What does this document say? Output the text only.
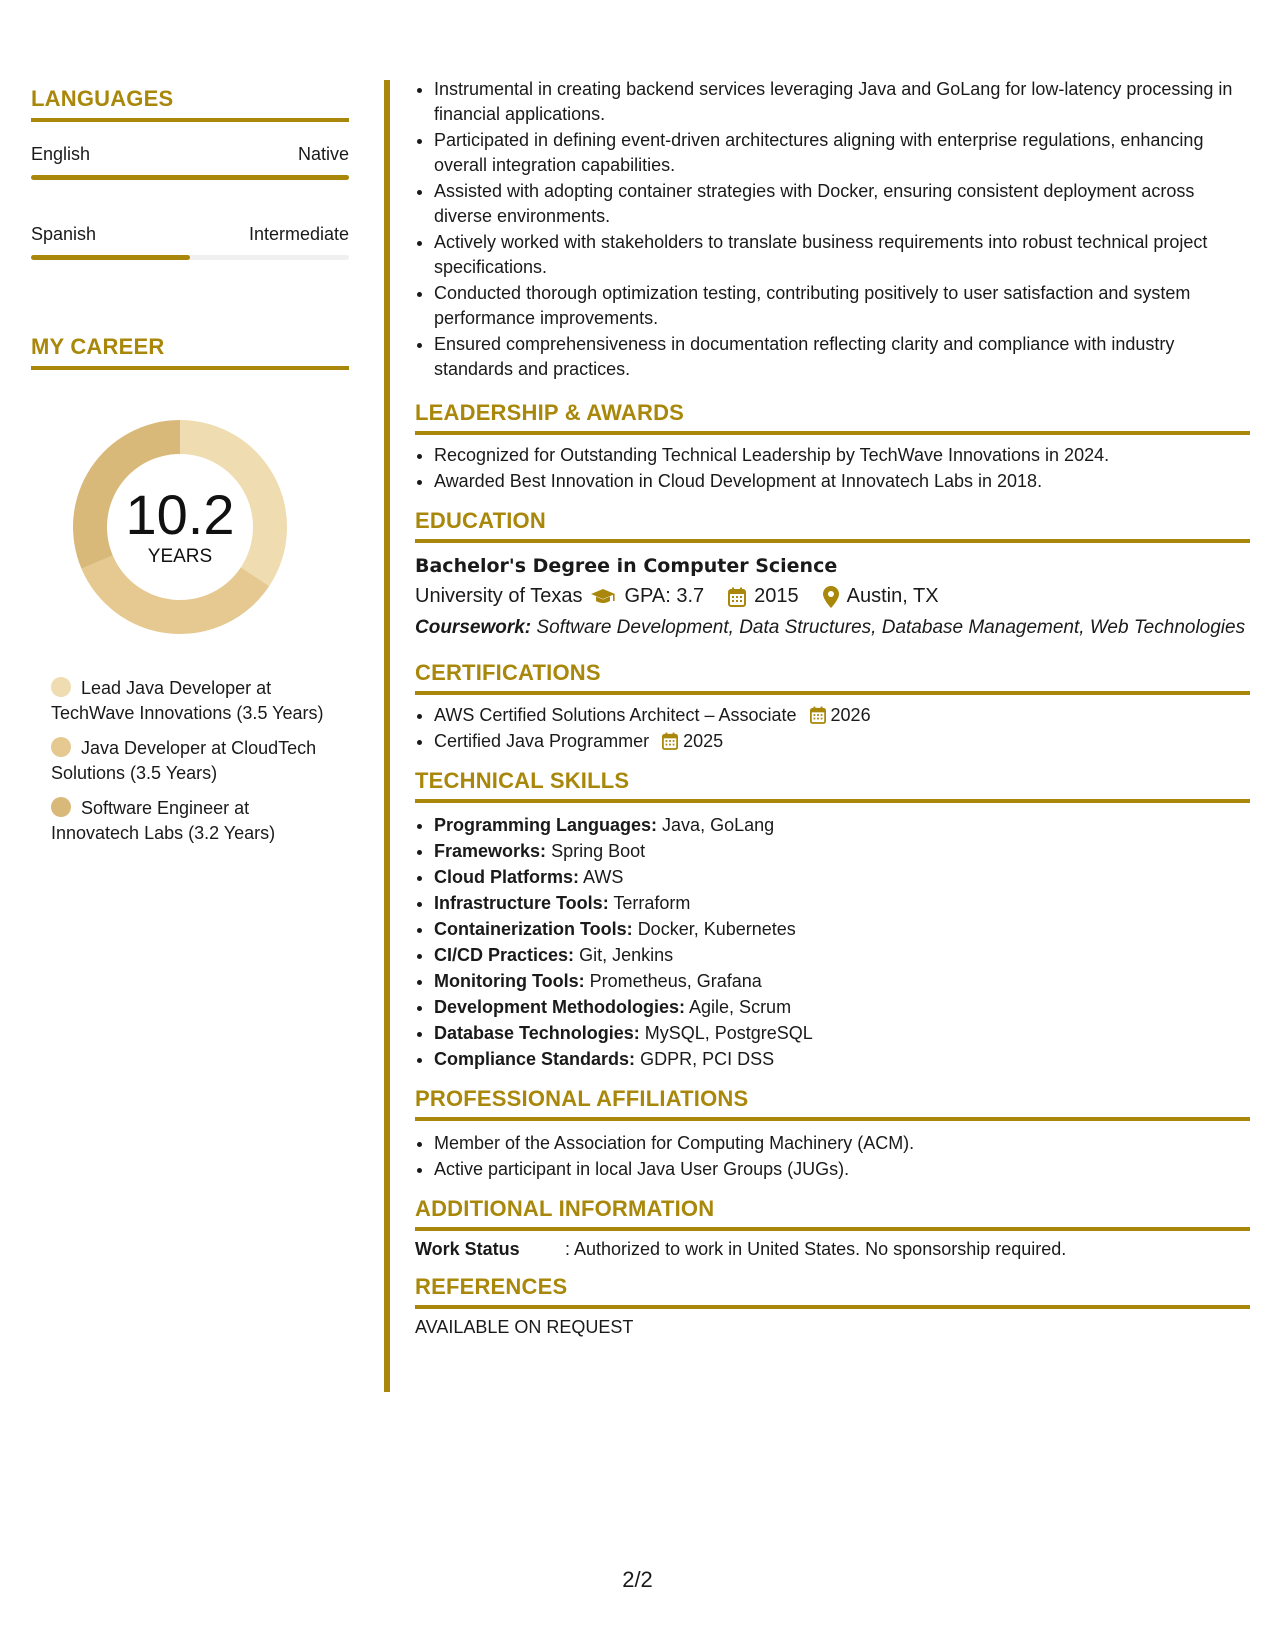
LANGUAGES
English	Native
Spanish	Intermediate
MY CAREER
10.2
YEARS
Lead Java Developer at TechWave Innovations (3.5 Years)
Java Developer at CloudTech Solutions (3.5 Years)
Software Engineer at Innovatech Labs (3.2 Years)
• Instrumental in creating backend services leveraging Java and GoLang for low-latency processing in financial applications.
• Participated in defining event-driven architectures aligning with enterprise regulations, enhancing overall integration capabilities.
• Assisted with adopting container strategies with Docker, ensuring consistent deployment across diverse environments.
• Actively worked with stakeholders to translate business requirements into robust technical project specifications.
• Conducted thorough optimization testing, contributing positively to user satisfaction and system performance improvements.
• Ensured comprehensiveness in documentation reflecting clarity and compliance with industry standards and practices.
LEADERSHIP & AWARDS
• Recognized for Outstanding Technical Leadership by TechWave Innovations in 2024.
• Awarded Best Innovation in Cloud Development at Innovatech Labs in 2018.
EDUCATION
Bachelor's Degree in Computer Science
University of Texas GPA: 3.7	2015 Austin, TX
Coursework: Software Development, Data Structures, Database Management, Web Technologies
CERTIFICATIONS
• AWS Certified Solutions Architect – Associate 2026
• Certified Java Programmer 2025
TECHNICAL SKILLS
• Programming Languages: Java, GoLang
• Frameworks: Spring Boot
• Cloud Platforms: AWS
• Infrastructure Tools: Terraform
• Containerization Tools: Docker, Kubernetes
• CI/CD Practices: Git, Jenkins
• Monitoring Tools: Prometheus, Grafana
• Development Methodologies: Agile, Scrum
• Database Technologies: MySQL, PostgreSQL
• Compliance Standards: GDPR, PCI DSS
PROFESSIONAL AFFILIATIONS
• Member of the Association for Computing Machinery (ACM).
• Active participant in local Java User Groups (JUGs).
ADDITIONAL INFORMATION
Work Status	: Authorized to work in United States. No sponsorship required.
REFERENCES
AVAILABLE ON REQUEST
2/2
